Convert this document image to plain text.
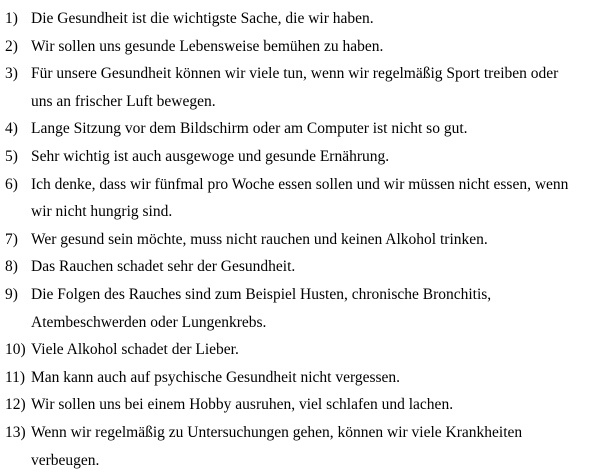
1) Die Gesundheit ist die wichtigste Sache, die wir haben.
2) Wir sollen uns gesunde Lebensweise bemühen zu haben.
3) Für unsere Gesundheit können wir viele tun, wenn wir regelmäßig Sport treiben oder
uns an frischer Luft bewegen.
4) Lange Sitzung vor dem Bildschirm oder am Computer ist nicht so gut.
5) Sehr wichtig ist auch ausgewoge und gesunde Ernährung.
6) Ich denke, dass wir fünfmal pro Woche essen sollen und wir müssen nicht essen, wenn
wir nicht hungrig sind.
7) Wer gesund sein möchte, muss nicht rauchen und keinen Alkohol trinken.
8) Das Rauchen schadet sehr der Gesundheit.
9) Die Folgen des Rauches sind zum Beispiel Husten, chronische Bronchitis,
Atembeschwerden oder Lungenkrebs.
10) Viele Alkohol schadet der Lieber.
11) Man kann auch auf psychische Gesundheit nicht vergessen.
12) Wir sollen uns bei einem Hobby ausruhen, viel schlafen und lachen.
13) Wenn wir regelmäßig zu Untersuchungen gehen, können wir viele Krankheiten
verbeugen.
